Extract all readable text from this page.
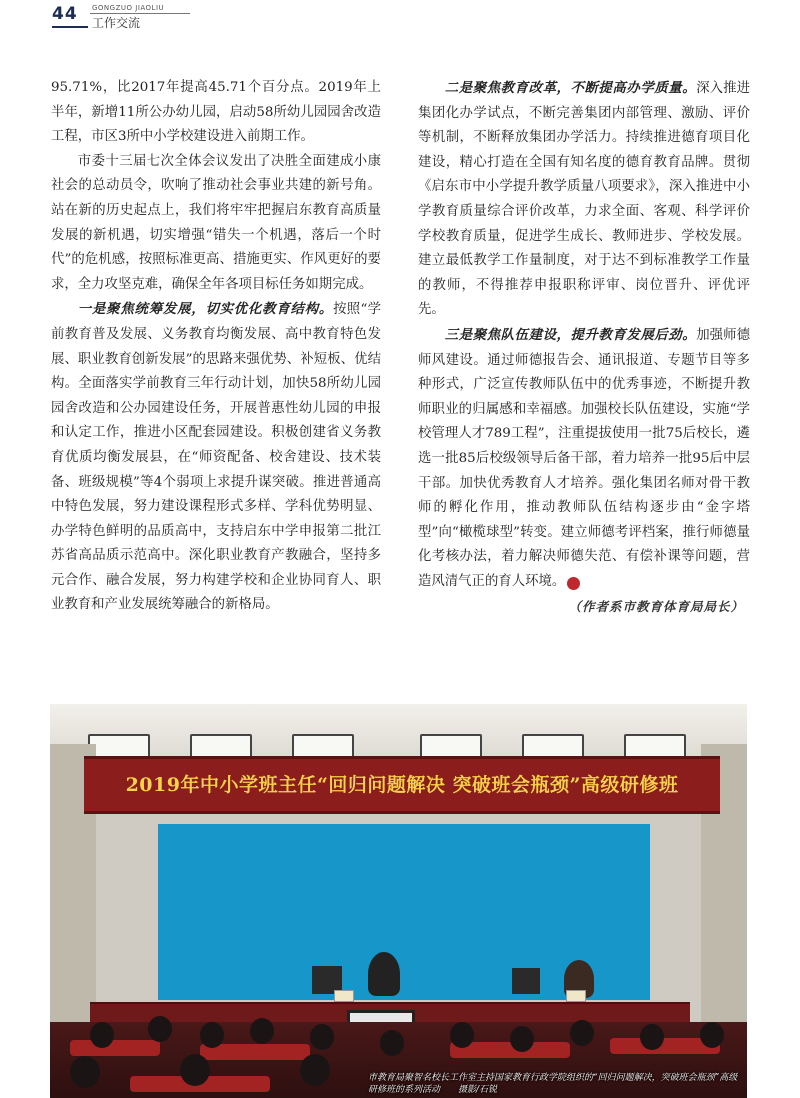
44 GONGZUO JIAOLIU
工作交流

95.71%，比2017年提高45.71个百分点。2019年上半年，新增11所公办幼儿园，启动58所幼儿园园舍改造工程，市区3所中小学校建设进入前期工作。

市委十三届七次全体会议发出了决胜全面建成小康社会的总动员令，吹响了推动社会事业共建的新号角。站在新的历史起点上，我们将牢牢把握启东教育高质量发展的新机遇，切实增强“错失一个机遇，落后一个时代”的危机感，按照标准更高、措施更实、作风更好的要求，全力攻坚克难，确保全年各项目标任务如期完成。

一是聚焦统筹发展，切实优化教育结构。按照“学前教育普及发展、义务教育均衡发展、高中教育特色发展、职业教育创新发展”的思路来强优势、补短板、优结构。全面落实学前教育三年行动计划，加快58所幼儿园园舍改造和公办园建设任务，开展普惠性幼儿园的申报和认定工作，推进小区配套园建设。积极创建省义务教育优质均衡发展县，在“师资配备、校舍建设、技术装备、班级规模”等4个弱项上求提升谋突破。推进普通高中特色发展，努力建设课程形式多样、学科优势明显、办学特色鲜明的品质高中，支持启东中学申报第二批江苏省高品质示范高中。深化职业教育产教融合，坚持多元合作、融合发展，努力构建学校和企业协同育人、职业教育和产业发展统筹融合的新格局。

二是聚焦教育改革，不断提高办学质量。深入推进集团化办学试点，不断完善集团内部管理、激励、评价等机制，不断释放集团办学活力。持续推进德育项目化建设，精心打造在全国有知名度的德育教育品牌。贯彻《启东市中小学提升教学质量八项要求》，深入推进中小学教育质量综合评价改革，力求全面、客观、科学评价学校教育质量，促进学生成长、教师进步、学校发展。建立最低教学工作量制度，对于达不到标准教学工作量的教师，不得推荐申报职称评审、岗位晋升、评优评先。

三是聚焦队伍建设，提升教育发展后劲。加强师德师风建设。通过师德报告会、通讯报道、专题节目等多种形式，广泛宣传教师队伍中的优秀事迹，不断提升教师职业的归属感和幸福感。加强校长队伍建设，实施“学校管理人才789工程”，注重提拔使用一批75后校长，遴选一批85后校级领导后备干部，着力培养一批95后中层干部。加快优秀教育人才培养。强化集团名师对骨干教师的孵化作用，推动教师队伍结构逐步由“金字塔型”向“橄榄球型”转变。建立师德考评档案，推行师德量化考核办法，着力解决师德失范、有偿补课等问题，营造风清气正的育人环境。	资

（作者系市教育体育局局长）
2019年中小学班主任“回归问题解决 突破班会瓶颈”高级研修班
市教育局聚智名校长工作室主持国家教育行政学院组织的“回归问题解决，突破班会瓶颈”高级研修班的系列活动　　摄影/石锐
